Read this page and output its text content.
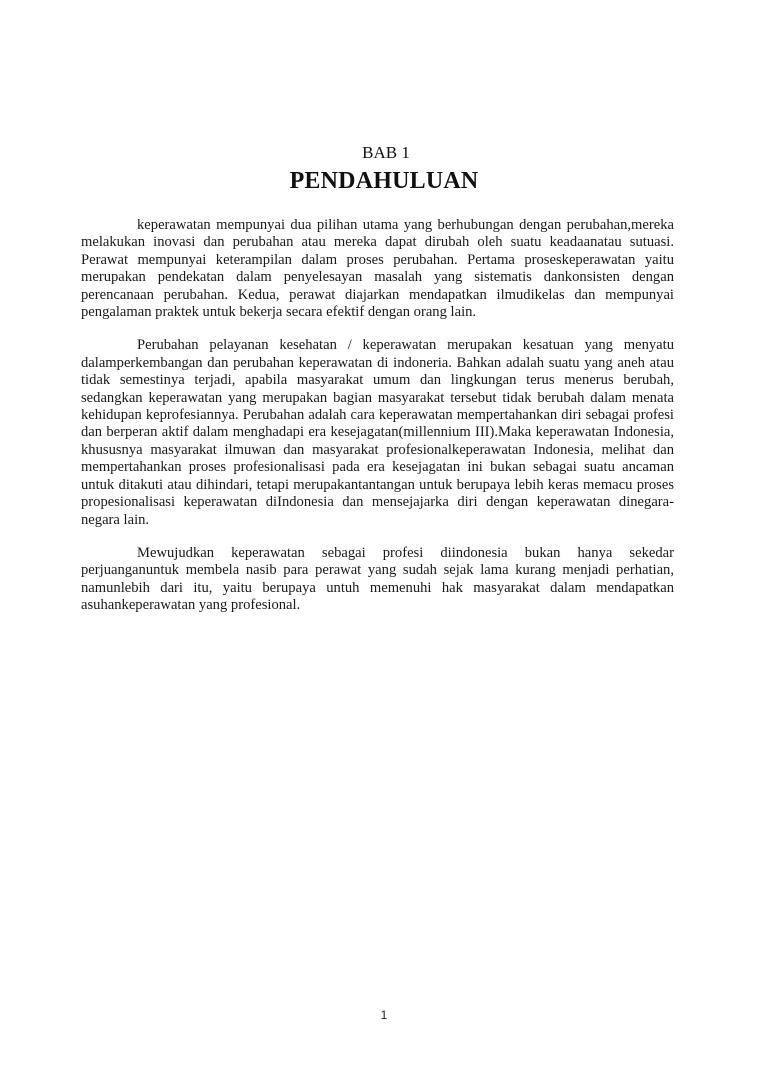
BAB 1
PENDAHULUAN

keperawatan mempunyai dua pilihan utama yang berhubungan dengan perubahan,mereka melakukan inovasi dan perubahan atau mereka dapat dirubah oleh suatu keadaanatau sutuasi. Perawat mempunyai keterampilan dalam proses perubahan. Pertama proseskeperawatan yaitu merupakan pendekatan dalam penyelesayan masalah yang sistematis dankonsisten dengan perencanaan perubahan. Kedua, perawat diajarkan mendapatkan ilmudikelas dan mempunyai pengalaman praktek untuk bekerja secara efektif dengan orang lain.

Perubahan pelayanan kesehatan / keperawatan merupakan kesatuan yang menyatu dalamperkembangan dan perubahan keperawatan di indoneria. Bahkan adalah suatu yang aneh atau tidak semestinya terjadi, apabila masyarakat umum dan lingkungan terus menerus berubah, sedangkan keperawatan yang merupakan bagian masyarakat tersebut tidak berubah dalam menata kehidupan keprofesiannya. Perubahan adalah cara keperawatan mempertahankan diri sebagai profesi dan berperan aktif dalam menghadapi era kesejagatan(millennium III).Maka keperawatan Indonesia, khususnya masyarakat ilmuwan dan masyarakat profesionalkeperawatan Indonesia, melihat dan mempertahankan proses profesionalisasi pada era kesejagatan ini bukan sebagai suatu ancaman untuk ditakuti atau dihindari, tetapi merupakantantangan untuk berupaya lebih keras memacu proses propesionalisasi keperawatan diIndonesia dan mensejajarka diri dengan keperawatan dinegara-negara lain.

Mewujudkan keperawatan sebagai profesi diindonesia bukan hanya sekedar perjuanganuntuk membela nasib para perawat yang sudah sejak lama kurang menjadi perhatian, namunlebih dari itu, yaitu berupaya untuh memenuhi hak masyarakat dalam mendapatkan asuhankeperawatan yang profesional.

1
